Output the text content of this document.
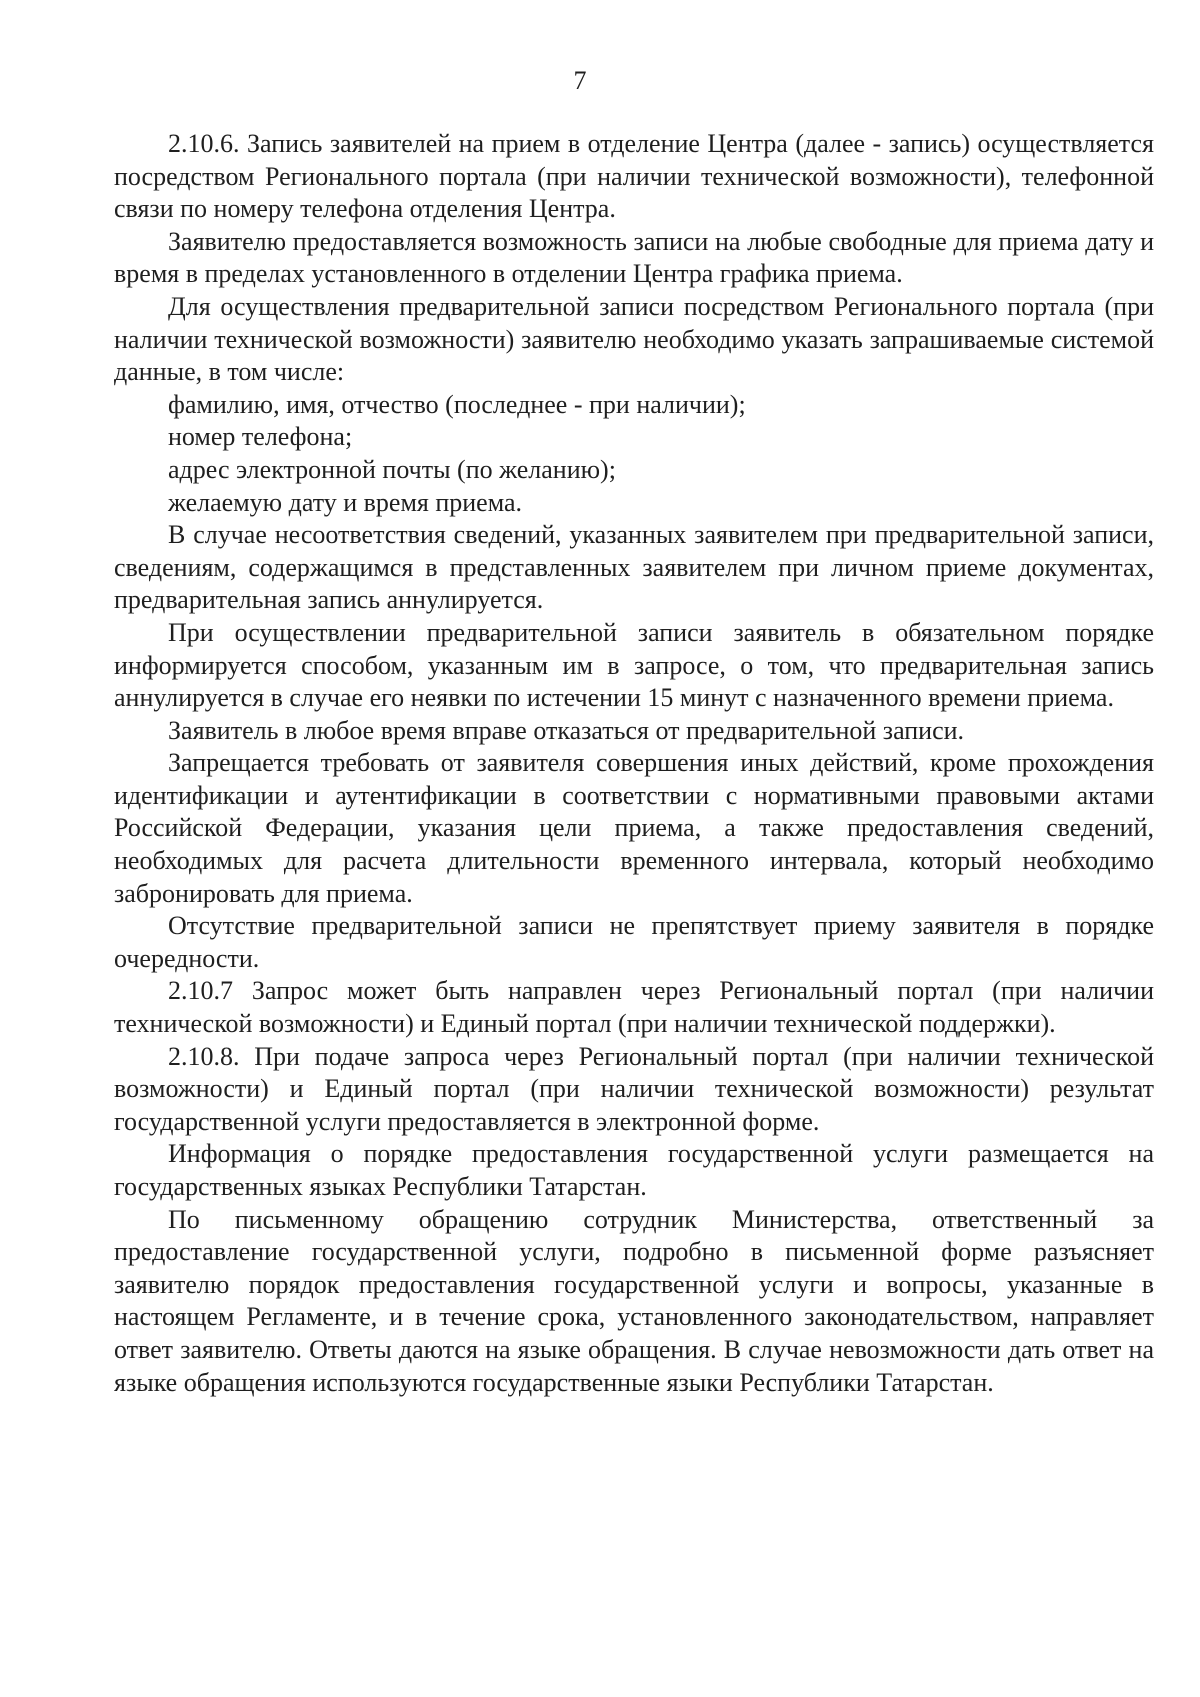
7

2.10.6. Запись заявителей на прием в отделение Центра (далее - запись) осуществляется посредством Регионального портала (при наличии технической возможности), телефонной связи по номеру телефона отделения Центра.

Заявителю предоставляется возможность записи на любые свободные для приема дату и время в пределах установленного в отделении Центра графика приема.

Для осуществления предварительной записи посредством Регионального портала (при наличии технической возможности) заявителю необходимо указать запрашиваемые системой данные, в том числе:

фамилию, имя, отчество (последнее - при наличии);

номер телефона;

адрес электронной почты (по желанию);

желаемую дату и время приема.

В случае несоответствия сведений, указанных заявителем при предварительной записи, сведениям, содержащимся в представленных заявителем при личном приеме документах, предварительная запись аннулируется.

При осуществлении предварительной записи заявитель в обязательном порядке информируется способом, указанным им в запросе, о том, что предварительная запись аннулируется в случае его неявки по истечении 15 минут с назначенного времени приема.

Заявитель в любое время вправе отказаться от предварительной записи.

Запрещается требовать от заявителя совершения иных действий, кроме прохождения идентификации и аутентификации в соответствии с нормативными правовыми актами Российской Федерации, указания цели приема, а также предоставления сведений, необходимых для расчета длительности временного интервала, который необходимо забронировать для приема.

Отсутствие предварительной записи не препятствует приему заявителя в порядке очередности.

2.10.7 Запрос может быть направлен через Региональный портал (при наличии технической возможности) и Единый портал (при наличии технической поддержки).

2.10.8. При подаче запроса через Региональный портал (при наличии технической возможности) и Единый портал (при наличии технической возможности) результат государственной услуги предоставляется в электронной форме.

Информация о порядке предоставления государственной услуги размещается на государственных языках Республики Татарстан.

По письменному обращению сотрудник Министерства, ответственный за предоставление государственной услуги, подробно в письменной форме разъясняет заявителю порядок предоставления государственной услуги и вопросы, указанные в настоящем Регламенте, и в течение срока, установленного законодательством, направляет ответ заявителю. Ответы даются на языке обращения. В случае невозможности дать ответ на языке обращения используются государственные языки Республики Татарстан.
